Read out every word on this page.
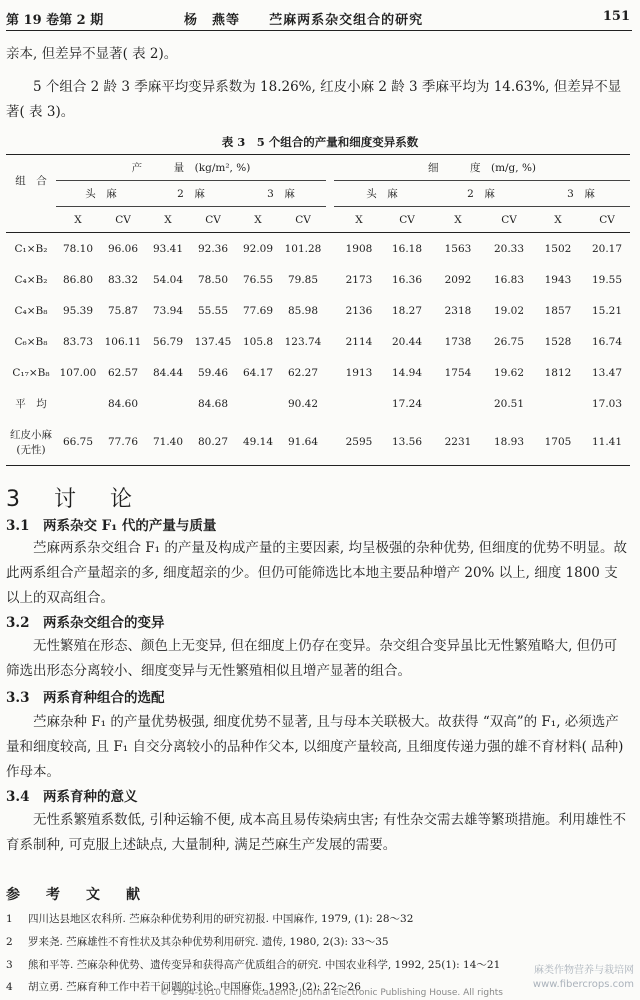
第 19 卷第 2 期	杨　燕等 苎麻两系杂交组合的研究	151
亲本, 但差异不显著( 表 2)。
5 个组合 2 龄 3 季麻平均变异系数为 18.26%, 红皮小麻 2 龄 3 季麻平均为 14.63%, 但差异不显著( 表 3)。
表 3　5 个组合的产量和细度变异系数
组　合	产　　　量　(kg/m², %)							细　　　度　(m/g, %)					
	头　麻		2　麻		3　麻			头　麻		2　麻		3　麻	
	X	CV	X	CV	X	CV		X	CV	X	CV	X	CV

C₁×B₂	78.10	96.06	93.41	92.36	92.09	101.28		1908	16.18	1563	20.33	1502	20.17

C₄×B₂	86.80	83.32	54.04	78.50	76.55	79.85		2173	16.36	2092	16.83	1943	19.55

C₄×B₈	95.39	75.87	73.94	55.55	77.69	85.98		2136	18.27	2318	19.02	1857	15.21

C₆×B₈	83.73	106.11	56.79	137.45	105.8	123.74		2114	20.44	1738	26.75	1528	16.74

C₁₇×B₈	107.00	62.57	84.44	59.46	64.17	62.27		1913	14.94	1754	19.62	1812	13.47

平　均		84.60		84.68		90.42			17.24		20.51		17.03

红皮小麻
(无性)	66.75	77.76	71.40	80.27	49.14	91.64		2595	13.56	2231	18.93	1705	11.41
3　讨　论
3.1　两系杂交 F₁ 代的产量与质量
苎麻两系杂交组合 F₁ 的产量及构成产量的主要因素, 均呈极强的杂种优势, 但细度的优势不明显。故此两系组合产量超亲的多, 细度超亲的少。但仍可能筛选比本地主要品种增产 20% 以上, 细度 1800 支以上的双高组合。
3.2　两系杂交组合的变异
无性繁殖在形态、颜色上无变异, 但在细度上仍存在变异。杂交组合变异虽比无性繁殖略大, 但仍可筛选出形态分离较小、细度变异与无性繁殖相似且增产显著的组合。
3.3　两系育种组合的选配
苎麻杂种 F₁ 的产量优势极强, 细度优势不显著, 且与母本关联极大。故获得 “双高”的 F₁, 必须选产量和细度较高, 且 F₁ 自交分离较小的品种作父本, 以细度产量较高, 且细度传递力强的雄不育材料( 品种) 作母本。
3.4　两系育种的意义
无性系繁殖系数低, 引种运输不便, 成本高且易传染病虫害; 有性杂交需去雄等繁琐措施。利用雄性不育系制种, 可克服上述缺点, 大量制种, 满足苎麻生产发展的需要。
参　考　文　献
1 四川达县地区农科所. 苎麻杂种优势利用的研究初报. 中国麻作, 1979, (1): 28～32
2 罗来尧. 苎麻雄性不育性状及其杂种优势利用研究. 遗传, 1980, 2(3): 33～35
3 熊和平等. 苎麻杂种优势、遗传变异和获得高产优质组合的研究. 中国农业科学, 1992, 25(1): 14～21
4 胡立勇. 苎麻育种工作中若干问题的讨论. 中国麻作, 1993, (2): 22～26
麻类作物营养与栽培网
www.fibercrops.com
© 1994-2010 China Academic Journal Electronic Publishing House. All rights
